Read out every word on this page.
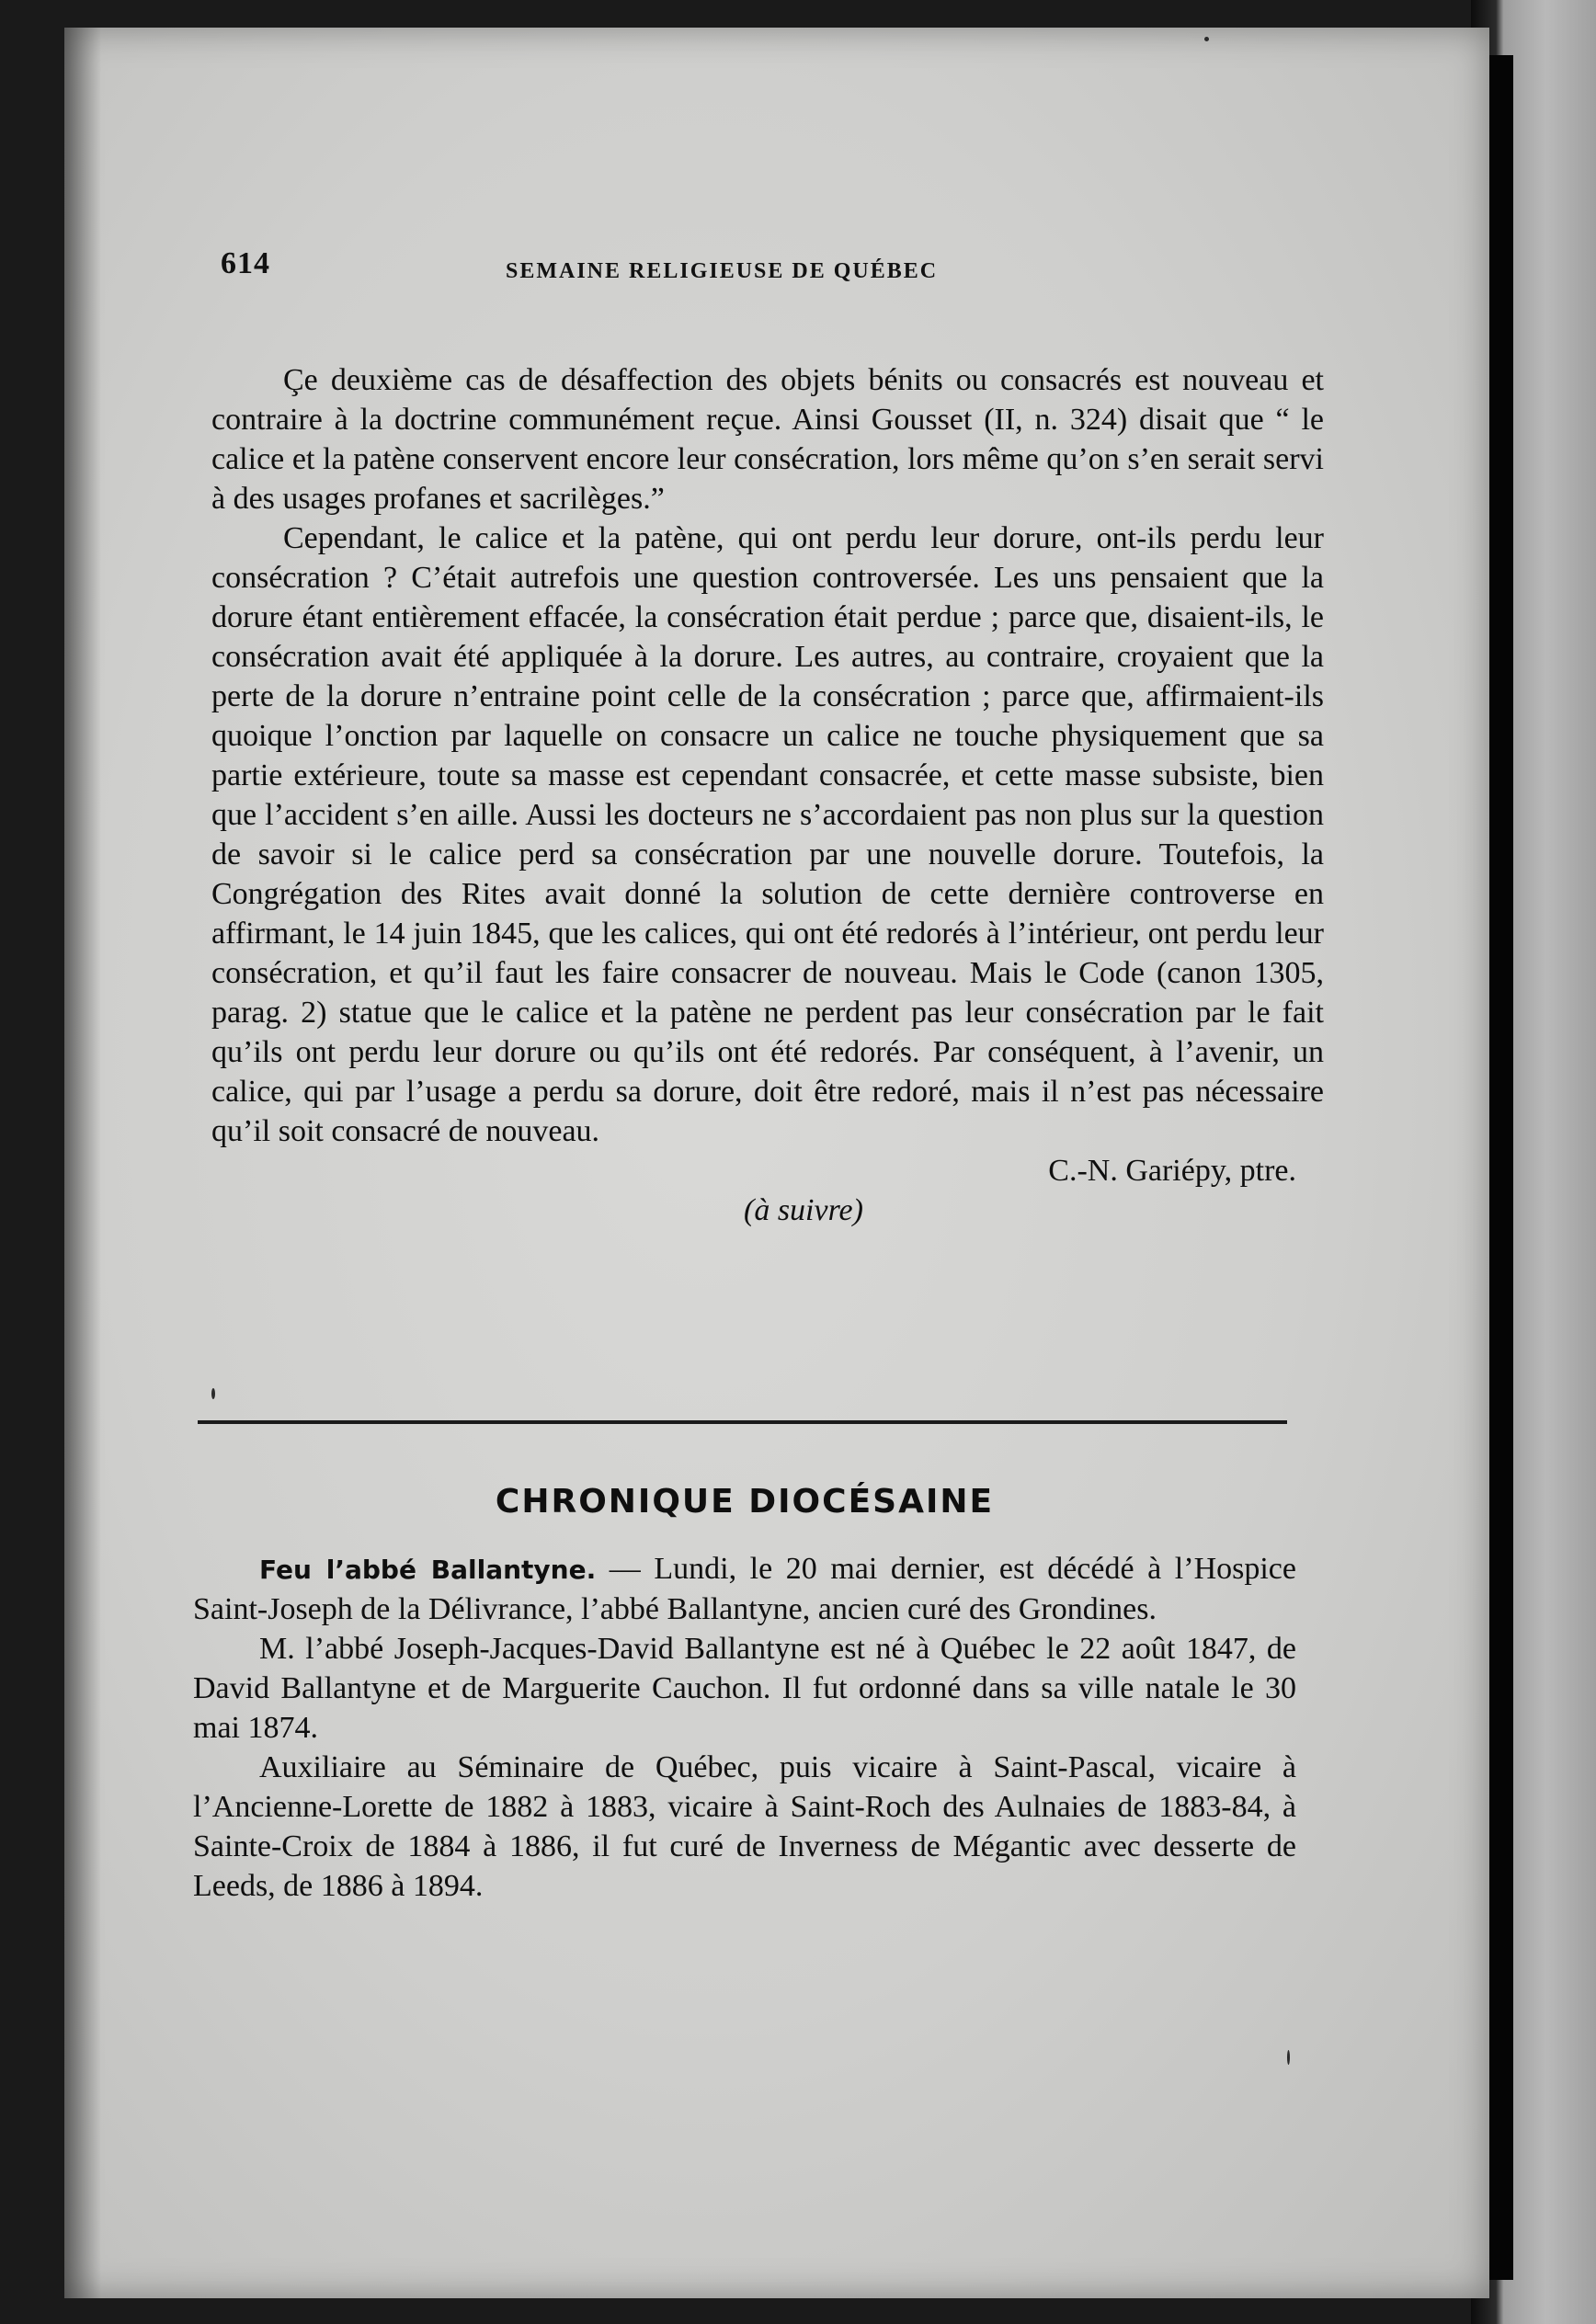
614	SEMAINE RELIGIEUSE DE QUÉBEC

Çe deuxième cas de désaffection des objets bénits ou consacrés est nouveau et contraire à la doctrine communément reçue. Ainsi Gousset (II, n. 324) disait que “ le calice et la patène conservent encore leur consécration, lors même qu’on s’en serait servi à des usages profanes et sacrilèges.”

Cependant, le calice et la patène, qui ont perdu leur dorure, ont-ils perdu leur consécration ? C’était autrefois une question controversée. Les uns pensaient que la dorure étant entièrement effacée, la consécration était perdue ; parce que, disaient-ils, le consécration avait été appliquée à la dorure. Les autres, au contraire, croyaient que la perte de la dorure n’entraine point celle de la consécration ; parce que, affirmaient-ils quoique l’onction par laquelle on consacre un calice ne touche physiquement que sa partie extérieure, toute sa masse est cependant consacrée, et cette masse subsiste, bien que l’accident s’en aille. Aussi les docteurs ne s’accordaient pas non plus sur la question de savoir si le calice perd sa consécration par une nouvelle dorure. Toutefois, la Congrégation des Rites avait donné la solution de cette dernière controverse en affirmant, le 14 juin 1845, que les calices, qui ont été redorés à l’intérieur, ont perdu leur consécration, et qu’il faut les faire consacrer de nouveau. Mais le Code (canon 1305, parag. 2) statue que le calice et la patène ne perdent pas leur consécration par le fait qu’ils ont perdu leur dorure ou qu’ils ont été redorés. Par conséquent, à l’avenir, un calice, qui par l’usage a perdu sa dorure, doit être redoré, mais il n’est pas nécessaire qu’il soit consacré de nouveau.

C.-N. Gariépy, ptre.

(à suivre)

CHRONIQUE DIOCÉSAINE

Feu l’abbé Ballantyne. — Lundi, le 20 mai dernier, est décédé à l’Hospice Saint-Joseph de la Délivrance, l’abbé Ballantyne, ancien curé des Grondines.

M. l’abbé Joseph-Jacques-David Ballantyne est né à Québec le 22 août 1847, de David Ballantyne et de Marguerite Cauchon. Il fut ordonné dans sa ville natale le 30 mai 1874.

Auxiliaire au Séminaire de Québec, puis vicaire à Saint-Pascal, vicaire à l’Ancienne-Lorette de 1882 à 1883, vicaire à Saint-Roch des Aulnaies de 1883-84, à Sainte-Croix de 1884 à 1886, il fut curé de Inverness de Mégantic avec desserte de Leeds, de 1886 à 1894.
